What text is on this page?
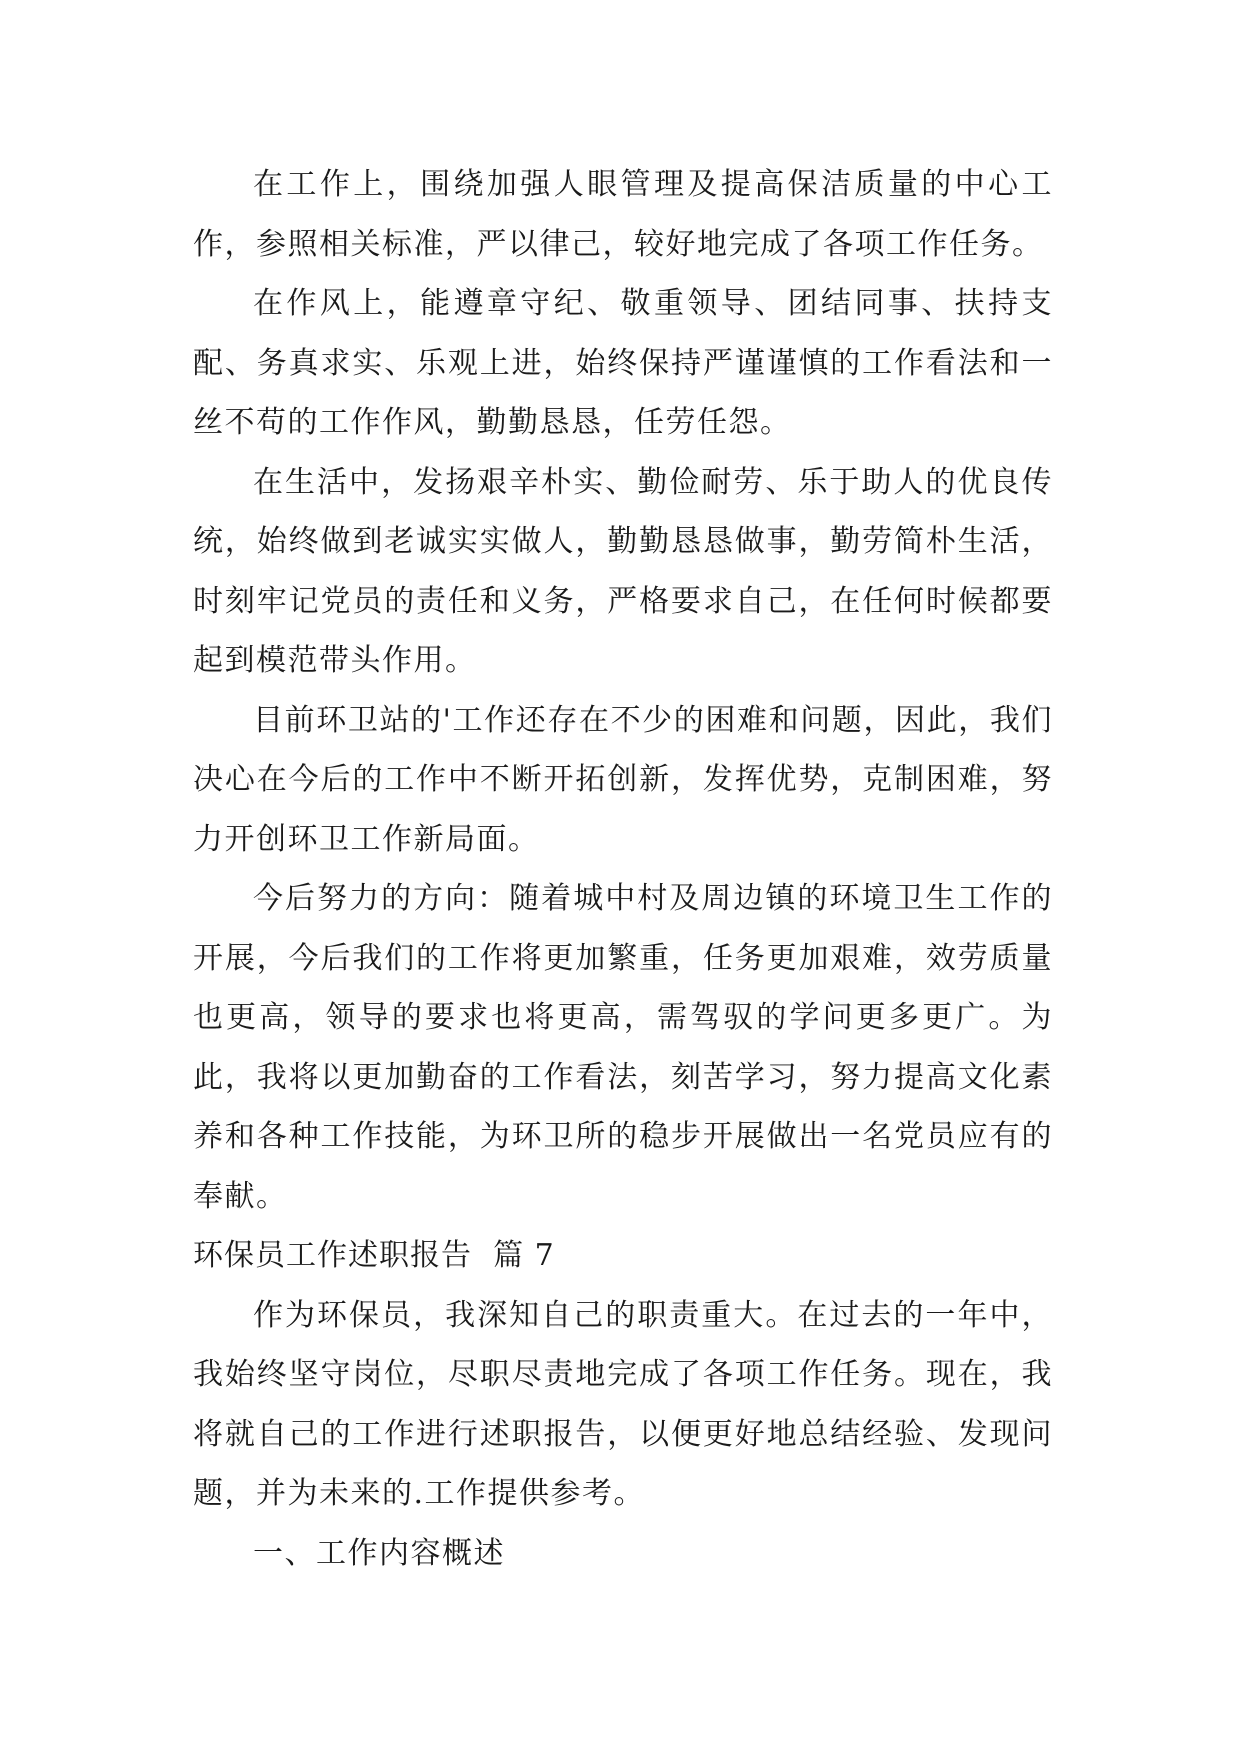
在工作上，围绕加强人眼管理及提高保洁质量的中心工作，参照相关标准，严以律己，较好地完成了各项工作任务。

在作风上，能遵章守纪、敬重领导、团结同事、扶持支配、务真求实、乐观上进，始终保持严谨谨慎的工作看法和一丝不苟的工作作风，勤勤恳恳，任劳任怨。

在生活中，发扬艰辛朴实、勤俭耐劳、乐于助人的优良传统，始终做到老诚实实做人，勤勤恳恳做事，勤劳简朴生活，时刻牢记党员的责任和义务，严格要求自己，在任何时候都要起到模范带头作用。

目前环卫站的'工作还存在不少的困难和问题，因此，我们决心在今后的工作中不断开拓创新，发挥优势，克制困难，努力开创环卫工作新局面。

今后努力的方向：随着城中村及周边镇的环境卫生工作的开展，今后我们的工作将更加繁重，任务更加艰难，效劳质量也更高，领导的要求也将更高，需驾驭的学问更多更广。为此，我将以更加勤奋的工作看法，刻苦学习，努力提高文化素养和各种工作技能，为环卫所的稳步开展做出一名党员应有的奉献。

环保员工作述职报告  篇 7

作为环保员，我深知自己的职责重大。在过去的一年中，我始终坚守岗位，尽职尽责地完成了各项工作任务。现在，我将就自己的工作进行述职报告，以便更好地总结经验、发现问题，并为未来的.工作提供参考。

一、工作内容概述
